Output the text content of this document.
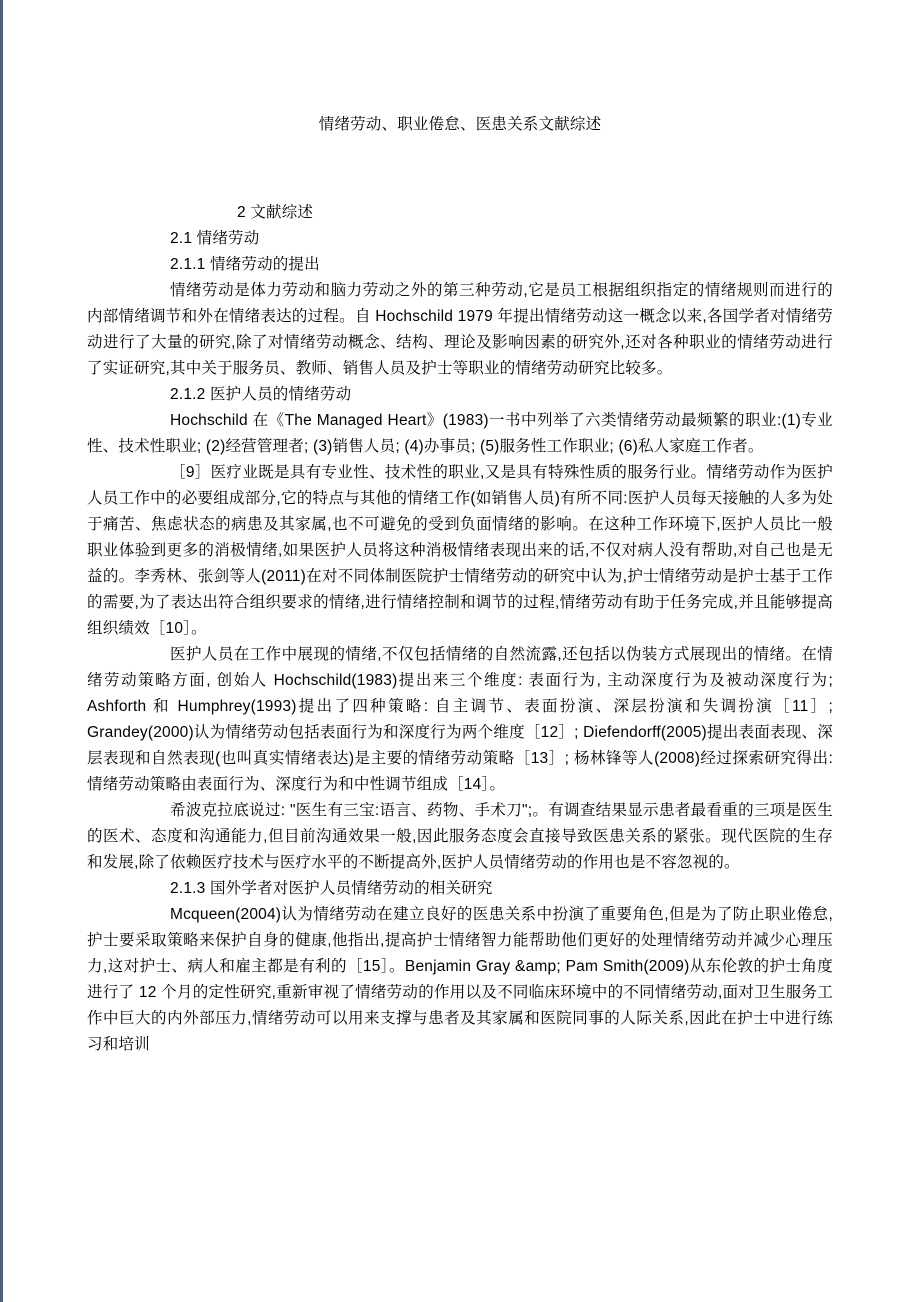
情绪劳动、职业倦怠、医患关系文献综述

2 文献综述

2.1 情绪劳动

2.1.1 情绪劳动的提出

情绪劳动是体力劳动和脑力劳动之外的第三种劳动,它是员工根据组织指定的情绪规则而进行的内部情绪调节和外在情绪表达的过程。自 Hochschild 1979 年提出情绪劳动这一概念以来,各国学者对情绪劳动进行了大量的研究,除了对情绪劳动概念、结构、理论及影响因素的研究外,还对各种职业的情绪劳动进行了实证研究,其中关于服务员、教师、销售人员及护士等职业的情绪劳动研究比较多。

2.1.2 医护人员的情绪劳动

Hochschild 在《The Managed Heart》(1983)一书中列举了六类情绪劳动最频繁的职业:(1)专业性、技术性职业; (2)经营管理者; (3)销售人员; (4)办事员; (5)服务性工作职业; (6)私人家庭工作者。

［9］医疗业既是具有专业性、技术性的职业,又是具有特殊性质的服务行业。情绪劳动作为医护人员工作中的必要组成部分,它的特点与其他的情绪工作(如销售人员)有所不同:医护人员每天接触的人多为处于痛苦、焦虑状态的病患及其家属,也不可避免的受到负面情绪的影响。在这种工作环境下,医护人员比一般职业体验到更多的消极情绪,如果医护人员将这种消极情绪表现出来的话,不仅对病人没有帮助,对自己也是无益的。李秀林、张剑等人(2011)在对不同体制医院护士情绪劳动的研究中认为,护士情绪劳动是护士基于工作的需要,为了表达出符合组织要求的情绪,进行情绪控制和调节的过程,情绪劳动有助于任务完成,并且能够提高组织绩效［10］。

医护人员在工作中展现的情绪,不仅包括情绪的自然流露,还包括以伪装方式展现出的情绪。在情绪劳动策略方面, 创始人 Hochschild(1983)提出来三个维度: 表面行为, 主动深度行为及被动深度行为; Ashforth 和 Humphrey(1993)提出了四种策略: 自主调节、表面扮演、深层扮演和失调扮演［11］; Grandey(2000)认为情绪劳动包括表面行为和深度行为两个维度［12］; Diefendorff(2005)提出表面表现、深层表现和自然表现(也叫真实情绪表达)是主要的情绪劳动策略［13］; 杨林锋等人(2008)经过探索研究得出: 情绪劳动策略由表面行为、深度行为和中性调节组成［14］。

希波克拉底说过: "医生有三宝:语言、药物、手术刀";。有调查结果显示患者最看重的三项是医生的医术、态度和沟通能力,但目前沟通效果一般,因此服务态度会直接导致医患关系的紧张。现代医院的生存和发展,除了依赖医疗技术与医疗水平的不断提高外,医护人员情绪劳动的作用也是不容忽视的。

2.1.3 国外学者对医护人员情绪劳动的相关研究

Mcqueen(2004)认为情绪劳动在建立良好的医患关系中扮演了重要角色,但是为了防止职业倦怠,护士要采取策略来保护自身的健康,他指出,提高护士情绪智力能帮助他们更好的处理情绪劳动并减少心理压力,这对护士、病人和雇主都是有利的［15］。Benjamin Gray &amp; Pam Smith(2009)从东伦敦的护士角度进行了 12 个月的定性研究,重新审视了情绪劳动的作用以及不同临床环境中的不同情绪劳动,面对卫生服务工作中巨大的内外部压力,情绪劳动可以用来支撑与患者及其家属和医院同事的人际关系,因此在护士中进行练习和培训
